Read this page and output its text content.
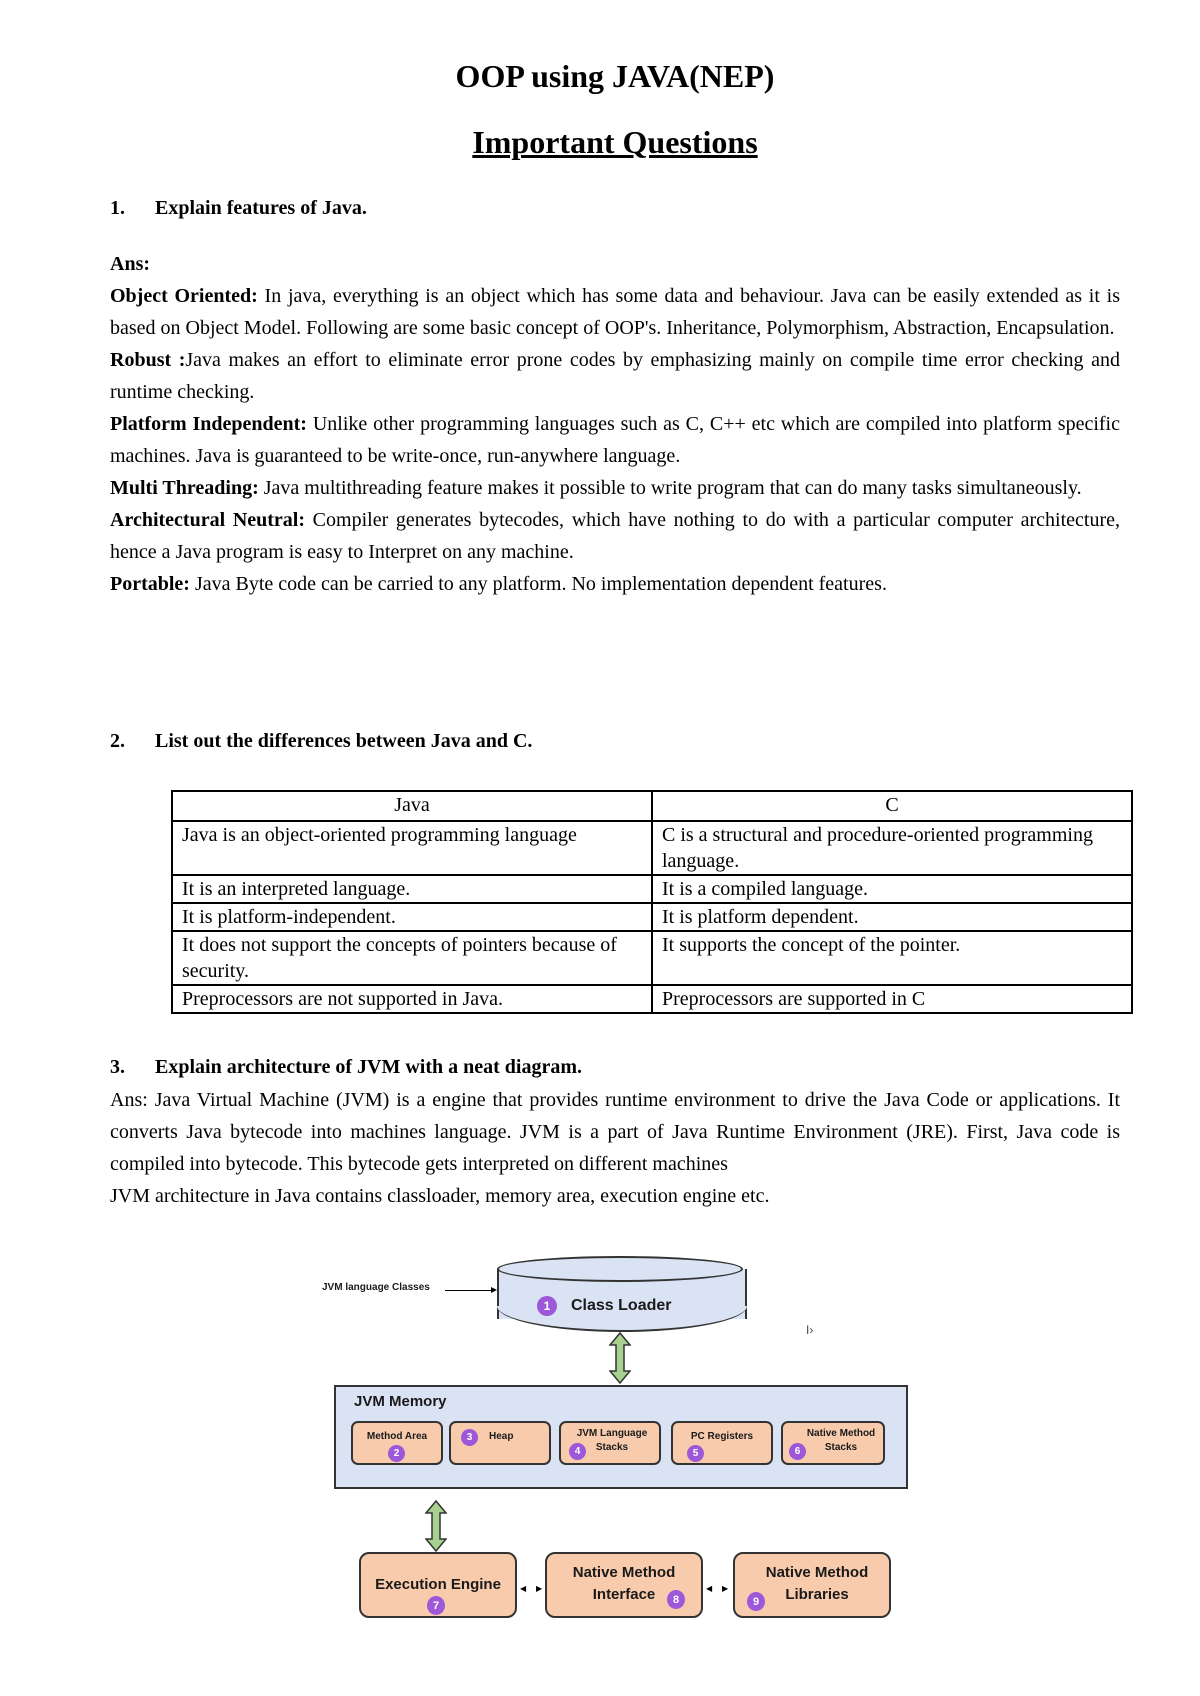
OOP using JAVA(NEP)
Important Questions
1. Explain features of Java.

Ans:

Object Oriented: In java, everything is an object which has some data and behaviour. Java can be easily extended as it is based on Object Model. Following are some basic concept of OOP's. Inheritance, Polymorphism, Abstraction, Encapsulation.

Robust :Java makes an effort to eliminate error prone codes by emphasizing mainly on compile time error checking and runtime checking.

Platform Independent: Unlike other programming languages such as C, C++ etc which are compiled into platform specific machines. Java is guaranteed to be write-once, run-anywhere language.

Multi Threading: Java multithreading feature makes it possible to write program that can do many tasks simultaneously.

Architectural Neutral: Compiler generates bytecodes, which have nothing to do with a particular computer architecture, hence a Java program is easy to Interpret on any machine.

Portable: Java Byte code can be carried to any platform. No implementation dependent features.

2. List out the differences between Java and C.
Java	C
Java is an object-oriented programming language	C is a structural and procedure-oriented programming language.
It is an interpreted language.	It is a compiled language.
It is platform-independent.	It is platform dependent.
It does not support the concepts of pointers because of security.	It supports the concept of the pointer.
Preprocessors are not supported in Java.	Preprocessors are supported in C
3. Explain architecture of JVM with a neat diagram.

Ans: Java Virtual Machine (JVM) is a engine that provides runtime environment to drive the Java Code or applications. It converts Java bytecode into machines language. JVM is a part of Java Runtime Environment (JRE). First, Java code is compiled into bytecode. This bytecode gets interpreted on different machines

JVM architecture in Java contains classloader, memory area, execution engine etc.

JVM language Classes
1	Class Loader
I›
JVM Memory
Method Area
2
3	Heap	JVM Language Stacks
4
PC Registers
5
Native Method Stacks
6
Execution Engine
7
◀ ▶
Native Method Interface	8
◀ ▶
Native Method Libraries
9
